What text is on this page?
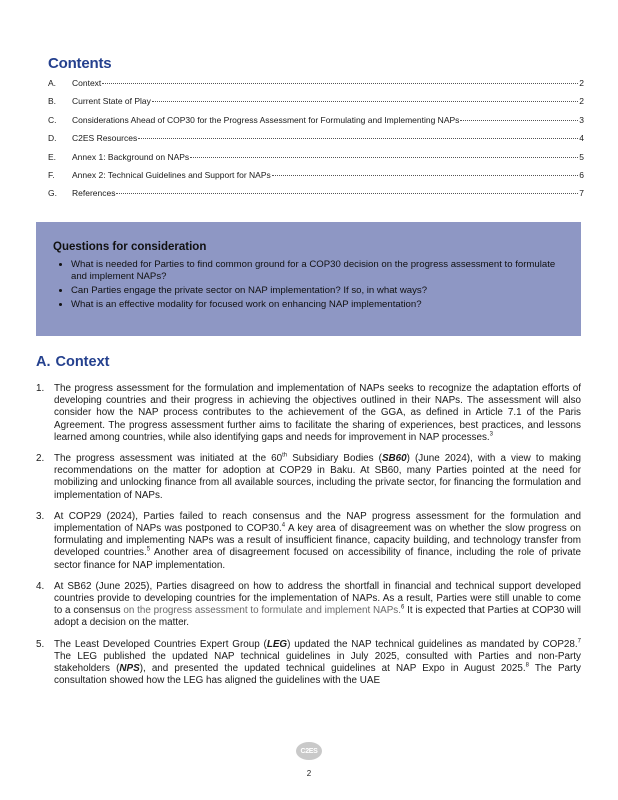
Contents
A.	Context	2
B.	Current State of Play	2
C.	Considerations Ahead of COP30 for the Progress Assessment for Formulating and Implementing NAPs	3
D.	C2ES Resources	4
E.	Annex 1: Background on NAPs	5
F.	Annex 2: Technical Guidelines and Support for NAPs	6
G.	References	7
Questions for consideration
• What is needed for Parties to find common ground for a COP30 decision on the progress assessment to formulate and implement NAPs?
• Can Parties engage the private sector on NAP implementation? If so, in what ways?
• What is an effective modality for focused work on enhancing NAP implementation?
A. Context
1. The progress assessment for the formulation and implementation of NAPs seeks to recognize the adaptation efforts of developing countries and their progress in achieving the objectives outlined in their NAPs. The assessment will also consider how the NAP process contributes to the achievement of the GGA, as defined in Article 7.1 of the Paris Agreement. The progress assessment further aims to facilitate the sharing of experiences, best practices, and lessons learned among countries, while also identifying gaps and needs for improvement in NAP processes.$^3$
2. The progress assessment was initiated at the 60th Subsidiary Bodies (SB60) (June 2024), with a view to making recommendations on the matter for adoption at COP29 in Baku. At SB60, many Parties pointed at the need for mobilizing and unlocking finance from all available sources, including the private sector, for financing the formulation and implementation of NAPs.
3. At COP29 (2024), Parties failed to reach consensus and the NAP progress assessment for the formulation and implementation of NAPs was postponed to COP30.$^4$ A key area of disagreement was on whether the slow progress on formulating and implementing NAPs was a result of insufficient finance, capacity building, and technology transfer from developed countries.$^5$ Another area of disagreement focused on accessibility of finance, including the role of private sector finance for NAP implementation.
4. At SB62 (June 2025), Parties disagreed on how to address the shortfall in financial and technical support developed countries provide to developing countries for the implementation of NAPs. As a result, Parties were still unable to come to a consensus on the progress assessment to formulate and implement NAPs.$^6$ It is expected that Parties at COP30 will adopt a decision on the matter.
5. The Least Developed Countries Expert Group (LEG) updated the NAP technical guidelines as mandated by COP28.$^7$ The LEG published the updated NAP technical guidelines in July 2025, consulted with Parties and non-Party stakeholders (NPS), and presented the updated technical guidelines at NAP Expo in August 2025.$^8$ The Party consultation showed how the LEG has aligned the guidelines with the UAE
C2ES
2
